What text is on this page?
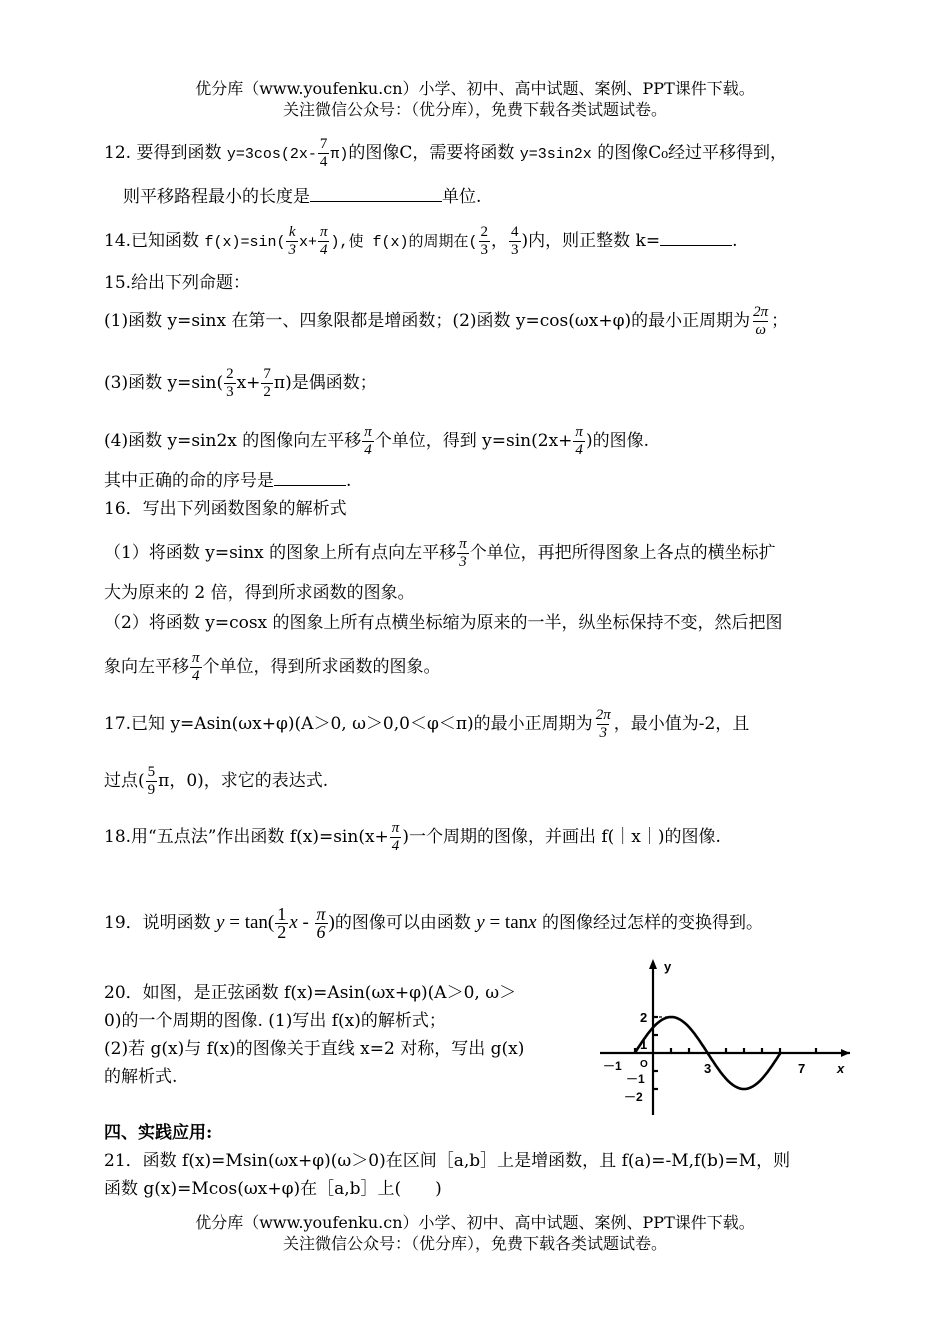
优分库（www.youfenku.cn）小学、初中、高中试题、案例、PPT课件下载。
关注微信公众号：（优分库），免费下载各类试题试卷。
12. 要得到函数 $y=3\cos(2x- \frac{7}{4} \pi)$的图像C，需要将函数 y=3sin2x 的图像C₀经过平移得到，
则平移路程最小的长度是	单位.
14.已知函数 $f(x)=\sin( \frac{k}{3} x+ \frac{\pi}{4}$ ),使 f(x)的周期在( $\frac{2}{3}$ ， $\frac{4}{3}$ )内，则正整数 k=	.
15.给出下列命题：
(1)函数 y=sinx 在第一、四象限都是增函数；(2)函数 y=cos(ωx+φ)的最小正周期为 $\frac{2\pi}{\omega}$ ；
(3)函数 $y=\sin( \frac{2}{3} x+ \frac{7}{2} \pi)$是偶函数；
(4)函数 y=sin2x 的图像向左平移 $\frac{\pi}{4}$ 个单位，得到 $y=\sin(2x+ \frac{\pi}{4}$ )的图像.
其中正确的命的序号是	.
16．写出下列函数图象的解析式
（1）将函数 y=sinx 的图象上所有点向左平移 $\frac{\pi}{3}$ 个单位，再把所得图象上各点的横坐标扩
大为原来的 2 倍，得到所求函数的图象。
（2）将函数 y=cosx 的图象上所有点横坐标缩为原来的一半，纵坐标保持不变，然后把图
象向左平移 $\frac{\pi}{4}$ 个单位，得到所求函数的图象。
17.已知 y=Asin(ωx+φ)(A＞0, ω＞0,0＜φ＜π)的最小正周期为 $\frac{2\pi}{3}$ ，最小值为-2，且
过点( $\frac{5}{9}$ π，0)，求它的表达式.
18.用“五点法”作出函数 $f(x)=\sin(x+ \frac{\pi}{4}$ )一个周期的图像，并画出 f(｜x｜)的图像.
19．说明函数 $y = \tan( \frac{1}{2}$ x - $\frac{\pi}{6}$ )的图像可以由函数 y = tanx 的图像经过怎样的变换得到。
20．如图，是正弦函数 f(x)=Asin(ωx+φ)(A＞0, ω＞
0)的一个周期的图像. (1)写出 f(x)的解析式；
(2)若 g(x)与 f(x)的图像关于直线 x=2 对称，写出 g(x)
的解析式.
y
x
2
1
－1
－2
－1 O	3	7
四、实践应用:
21．函数 f(x)=Msin(ωx+φ)(ω＞0)在区间［a,b］上是增函数，且 f(a)=-M,f(b)=M，则
函数 g(x)=Mcos(ωx+φ)在［a,b］上(　　)
优分库（www.youfenku.cn）小学、初中、高中试题、案例、PPT课件下载。
关注微信公众号：（优分库），免费下载各类试题试卷。
